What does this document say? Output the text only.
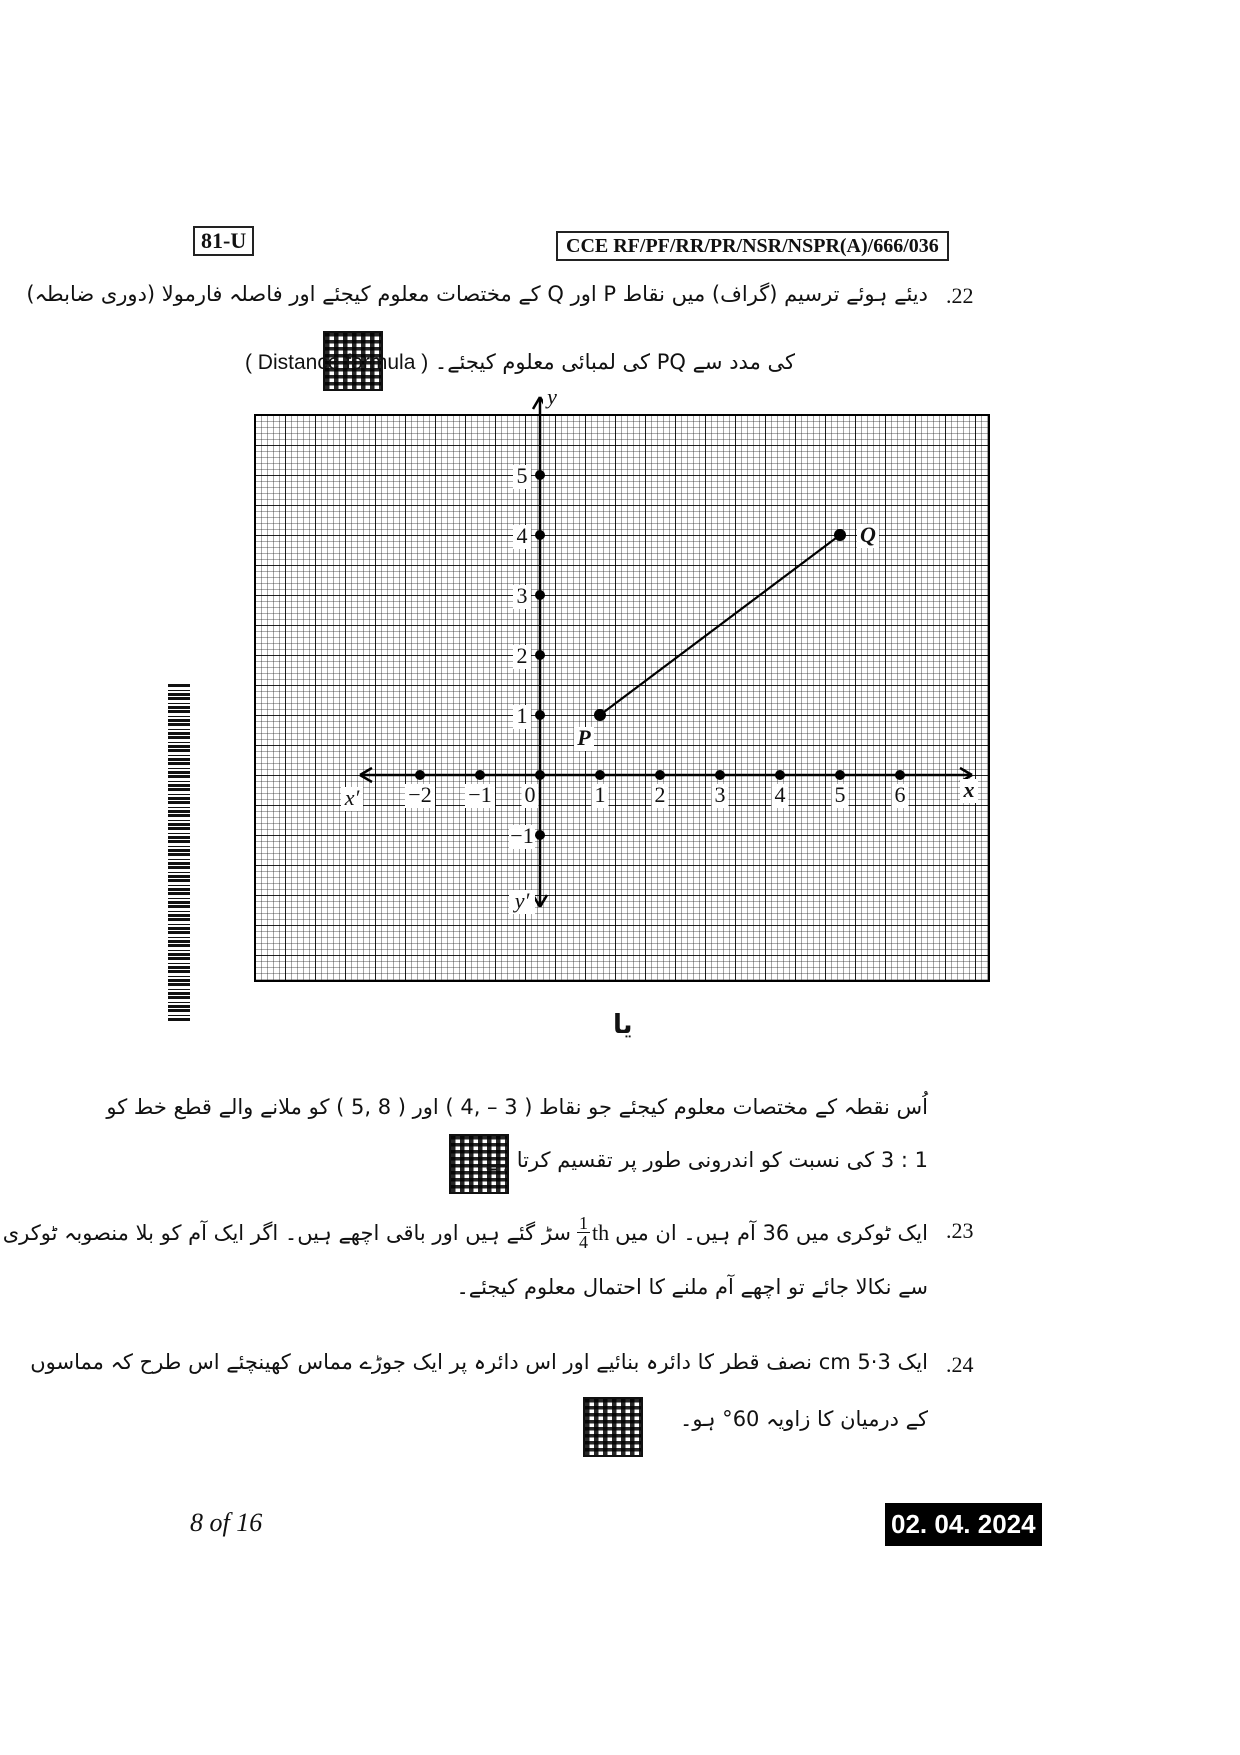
81-U	CCE RF/PF/RR/PR/NSR/NSPR(A)/666/036
.22
دیئے ہوئے ترسیم (گراف) میں نقاط P اور Q کے مختصات معلوم کیجئے اور فاصلہ فارمولا (دوری ضابطہ)
کی مدد سے PQ کی لمبائی معلوم کیجئے۔ ( Distance formula )
−2 −1 0	1 2 3 4 5 6
5
4
3
2
1
−1
y
y′
x
x′
P
Q
یا
اُس نقطہ کے مختصات معلوم کیجئے جو نقاط ( 3 – ,4 ) اور ( 8 ,5 ) کو ملانے والے قطع خط کو
1 : 3 کی نسبت کو اندرونی طور پر تقسیم کرتا ہے۔
.23
ایک ٹوکری میں 36 آم ہیں۔ ان میں
$\frac{1}{4}$ th
سڑ گئے ہیں اور باقی اچھے ہیں۔ اگر ایک آم کو بلا منصوبہ ٹوکری
سے نکالا جائے تو اچھے آم ملنے کا احتمال معلوم کیجئے۔
.24
ایک 3·5 cm نصف قطر کا دائرہ بنائیے اور اس دائرہ پر ایک جوڑے مماس کھینچئے اس طرح کہ مماسوں
کے درمیان کا زاویہ 60° ہو۔
8 of 16	02. 04. 2024
